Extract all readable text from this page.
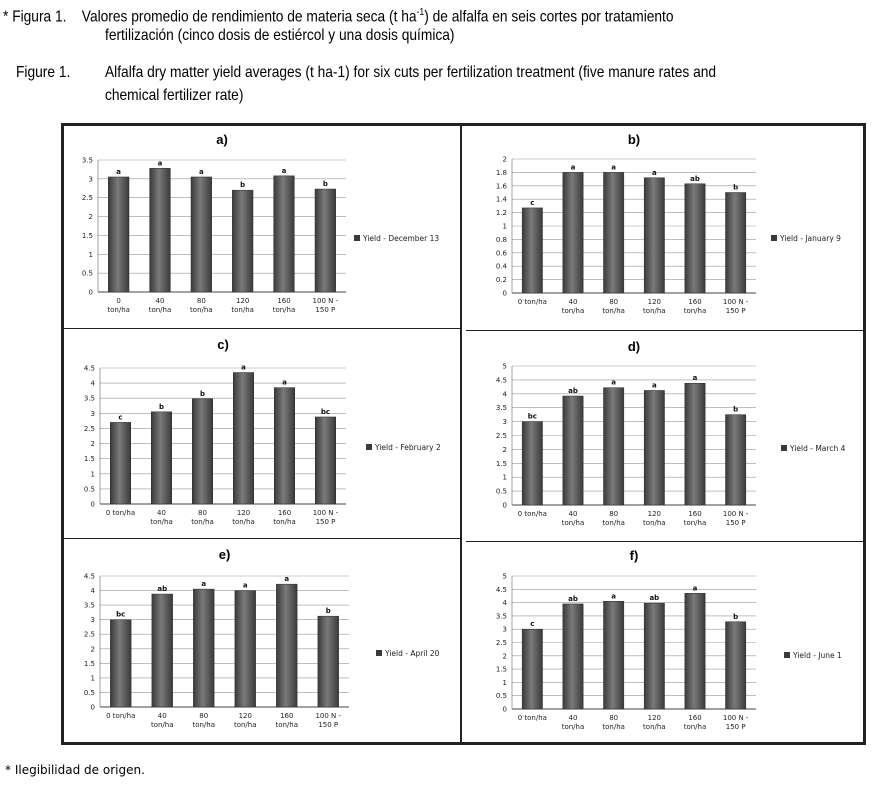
* Figura 1. Valores promedio de rendimiento de materia seca (t $ha^{-1}$) de alfalfa en seis cortes por tratamiento
fertilización (cinco dosis de estiércol y una dosis química)
Figure 1. Alfalfa dry matter yield averages (t ha-1) for six cuts per fertilization treatment (five manure rates and
chemical fertilizer rate)
a)
0
0.5
1
1.5
2
2.5
3
3.5
a
0
ton/ha
a
40
ton/ha
a
80
ton/ha
b
120
ton/ha
a
160
ton/ha
b
100 N -
150 P
Yield - December 13
b)
0
0.2
0.4
0.6
0.8
1
1.2
1.4
1.6
1.8
2
c
0 ton/ha
a
40
ton/ha
a
80
ton/ha
a
120
ton/ha
ab
160
ton/ha
b
100 N -
150 P
Yield - January 9
c)
0
0.5
1
1.5
2
2.5
3
3.5
4
4.5
c
0 ton/ha
b
40
ton/ha
b
80
ton/ha
a
120
ton/ha
a
160
ton/ha
bc
100 N -
150 P
Yield - February 2
d)
0
0.5
1
1.5
2
2.5
3
3.5
4
4.5
5
bc
0 ton/ha
ab
40
ton/ha
a
80
ton/ha
a
120
ton/ha
a
160
ton/ha
b
100 N -
150 P
Yield - March 4
e)
0
0.5
1
1.5
2
2.5
3
3.5
4
4.5
bc
0 ton/ha
ab
40
ton/ha
a
80
ton/ha
a
120
ton/ha
a
160
ton/ha
b
100 N -
150 P
Yield - April 20
f)
0
0.5
1
1.5
2
2.5
3
3.5
4
4.5
5
c
0 ton/ha
ab
40
ton/ha
a
80
ton/ha
ab
120
ton/ha
a
160
ton/ha
b
100 N -
150 P
Yield - June 1
* Ilegibilidad de origen.
